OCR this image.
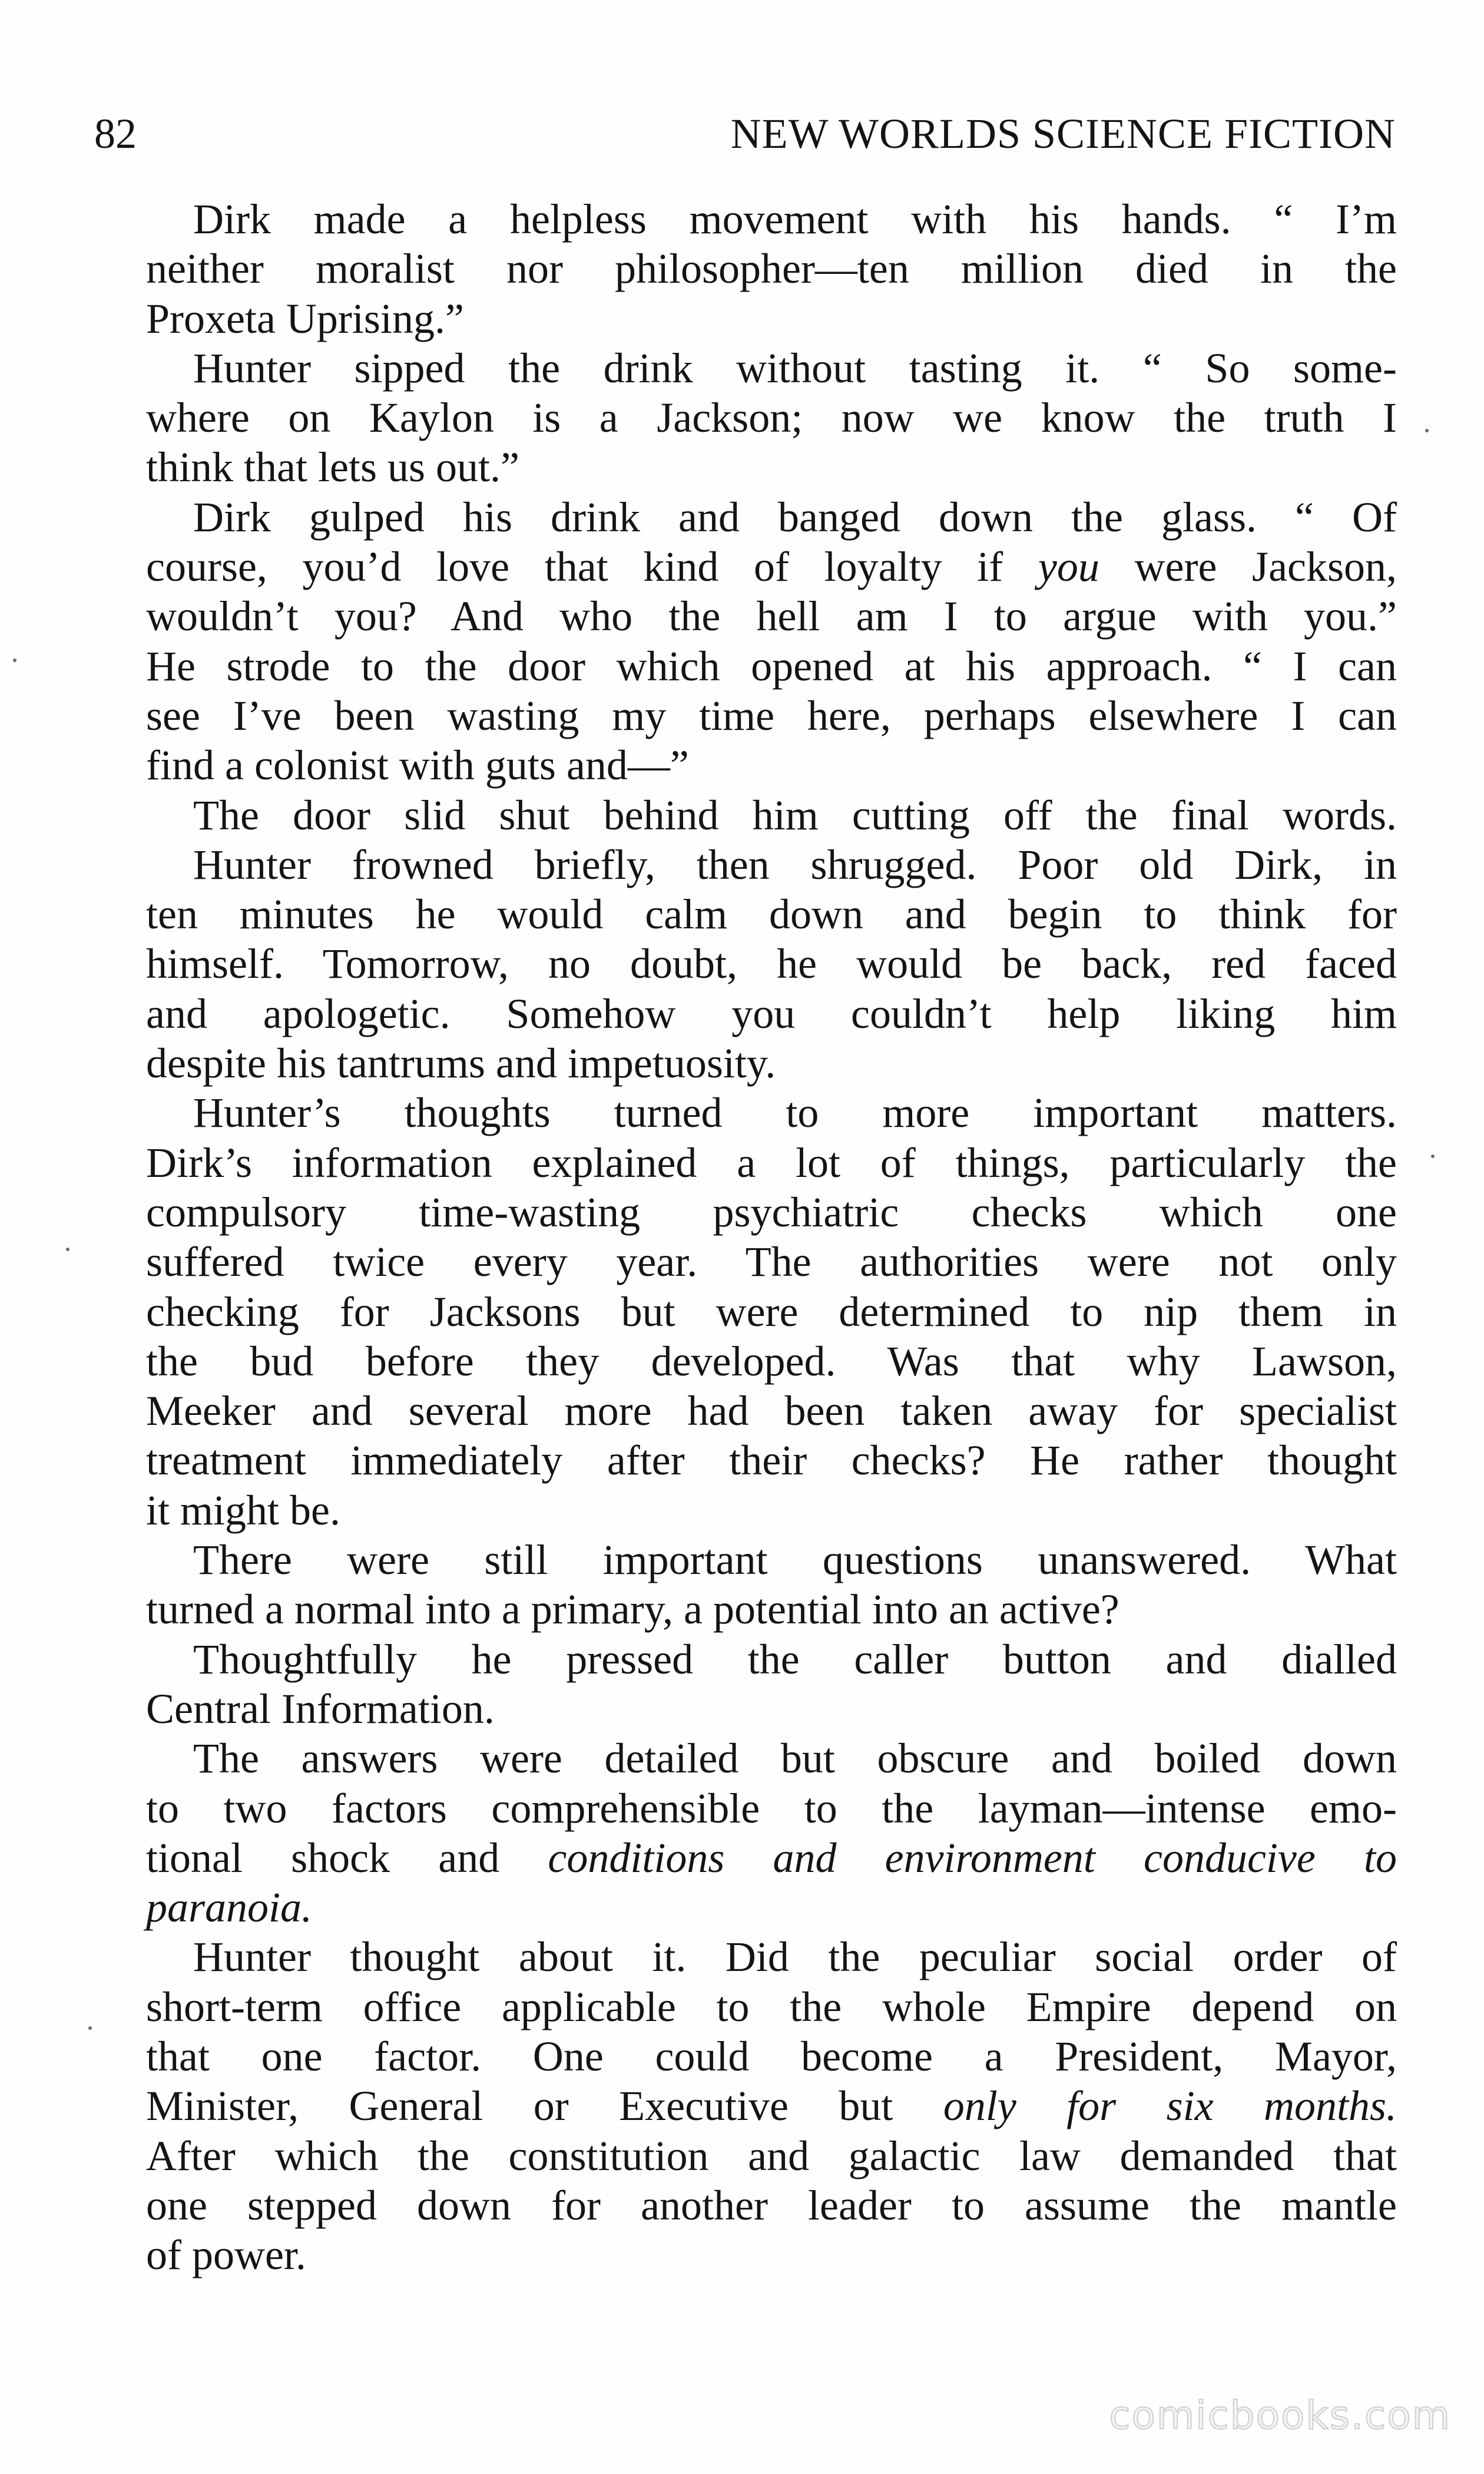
82	NEW WORLDS SCIENCE FICTION
Dirk made a helpless movement with his hands. “ I’m
neither moralist nor philosopher—ten million died in the
Proxeta Uprising.”
Hunter sipped the drink without tasting it. “ So some-
where on Kaylon is a Jackson; now we know the truth I
think that lets us out.”
Dirk gulped his drink and banged down the glass. “ Of
course, you’d love that kind of loyalty if you were Jackson,
wouldn’t you? And who the hell am I to argue with you.”
He strode to the door which opened at his approach. “ I can
see I’ve been wasting my time here, perhaps elsewhere I can
find a colonist with guts and—”
The door slid shut behind him cutting off the final words.
Hunter frowned briefly, then shrugged. Poor old Dirk, in
ten minutes he would calm down and begin to think for
himself. Tomorrow, no doubt, he would be back, red faced
and apologetic. Somehow you couldn’t help liking him
despite his tantrums and impetuosity.
Hunter’s thoughts turned to more important matters.
Dirk’s information explained a lot of things, particularly the
compulsory time-wasting psychiatric checks which one
suffered twice every year. The authorities were not only
checking for Jacksons but were determined to nip them in
the bud before they developed. Was that why Lawson,
Meeker and several more had been taken away for specialist
treatment immediately after their checks? He rather thought
it might be.
There were still important questions unanswered. What
turned a normal into a primary, a potential into an active?
Thoughtfully he pressed the caller button and dialled
Central Information.
The answers were detailed but obscure and boiled down
to two factors comprehensible to the layman—intense emo-
tional shock and conditions and environment conducive to
paranoia.
Hunter thought about it. Did the peculiar social order of
short-term office applicable to the whole Empire depend on
that one factor. One could become a President, Mayor,
Minister, General or Executive but only for six months.
After which the constitution and galactic law demanded that
one stepped down for another leader to assume the mantle
of power.
comicbooks.com
